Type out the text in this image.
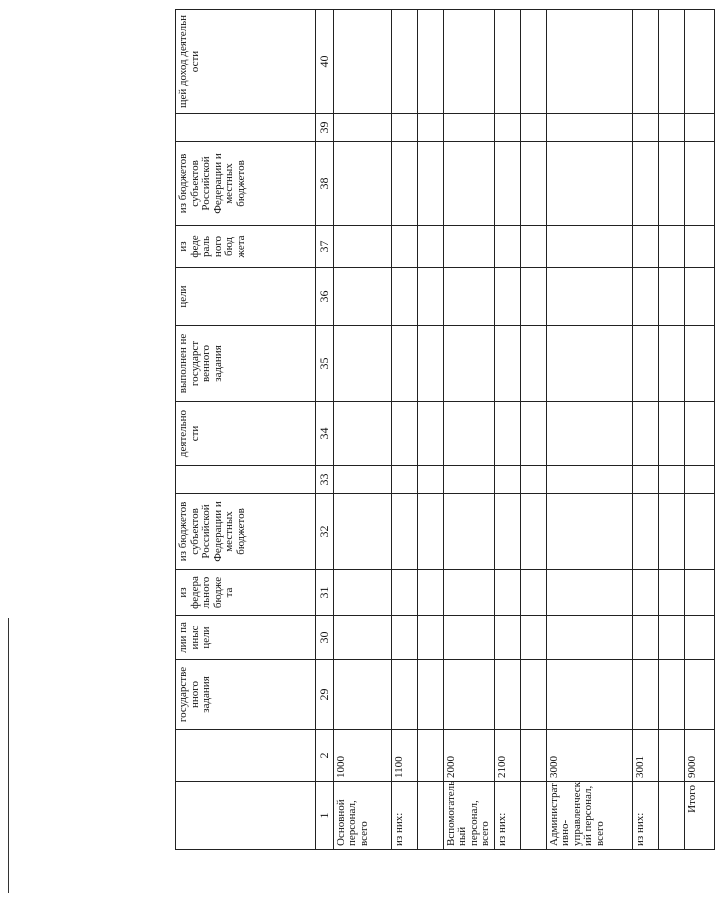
		государстве нного задания	лии па иныс цели	из федера льного бюдже та	из бюджетов субъектов Российской Федерации и местных бюджетов		деятельно сти	выполнен не государст венного задания	цели	из феде раль ного бюд жета	из бюджетов субъектов Российской Федерации и местных бюджетов		щей доход деятельн ости
1	2	29	30	31	32	33	34	35	36	37	38	39	40
Основной персонал, всего	1000												
из них:	1100												

Вспомогатель ный персонал, всего	2000												
из них:	2100												

Администрат ивно-управленческ ий персонал, всего	3000												
из них:	3001												

Итого	9000												
